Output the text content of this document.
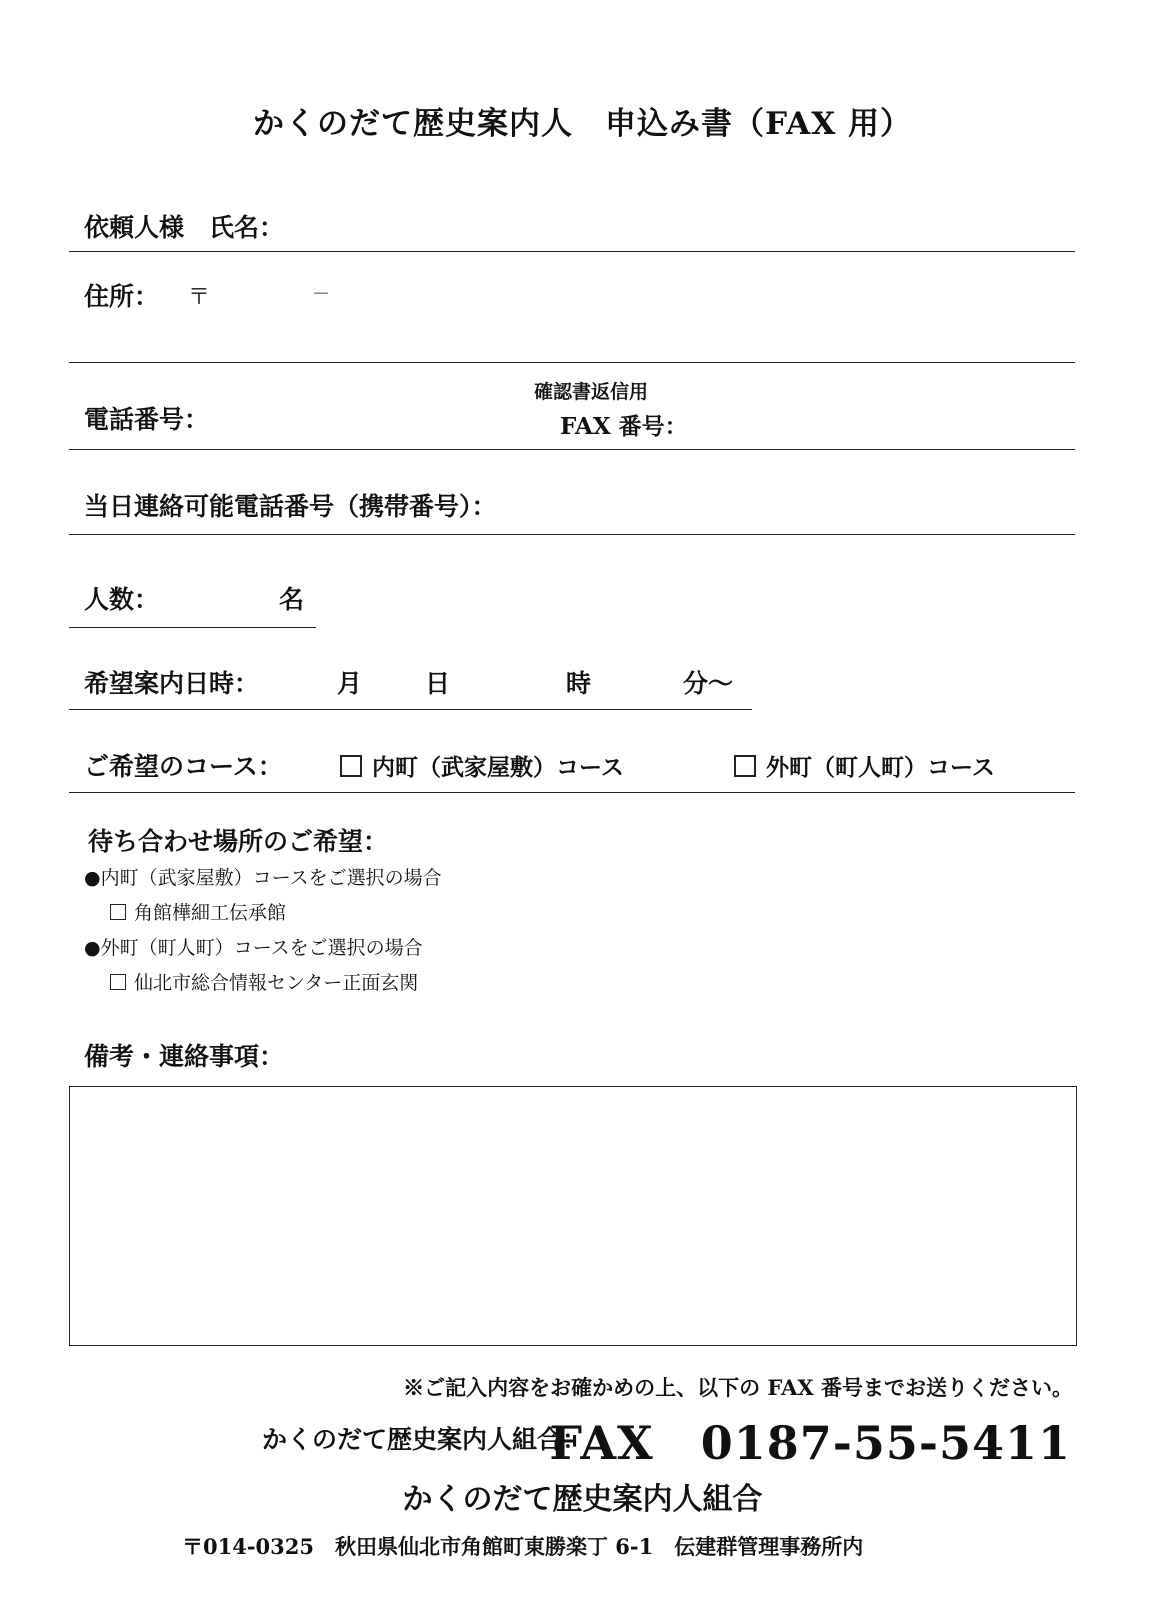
かくのだて歴史案内人　申込み書（FAX 用）
依頼人様　氏名：
住所： 〒	－
確認書返信用
電話番号：	FAX 番号：
当日連絡可能電話番号（携帯番号）：
人数：	名
希望案内日時：	月	日	時	分～
ご希望のコース：	内町（武家屋敷）コース	外町（町人町）コース
待ち合わせ場所のご希望：
●内町（武家屋敷）コースをご選択の場合
角館樺細工伝承館
●外町（町人町）コースをご選択の場合
仙北市総合情報センター正面玄関
備考・連絡事項：
※ご記入内容をお確かめの上、以下の FAX 番号までお送りください。
かくのだて歴史案内人組合：
FAX　0187-55-5411
かくのだて歴史案内人組合
〒014-0325　秋田県仙北市角館町東勝楽丁 6-1　伝建群管理事務所内
